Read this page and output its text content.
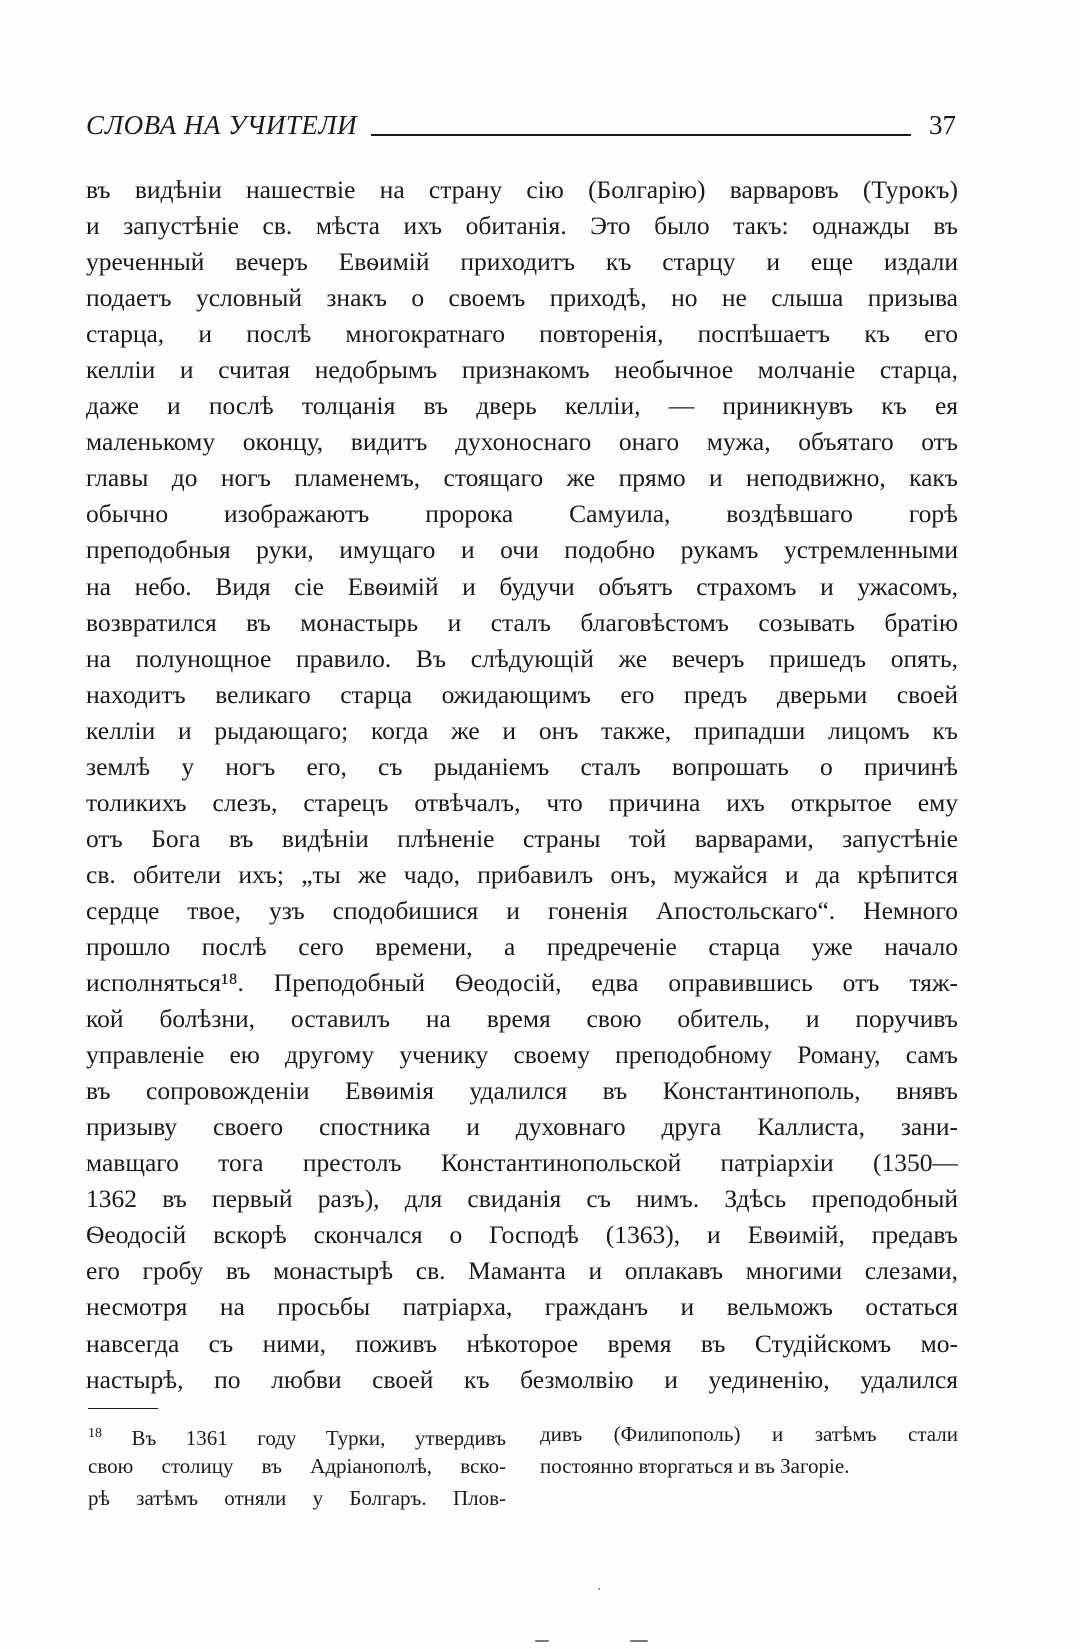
СЛОВА НА УЧИТЕЛИ	37
въ видѣнiи нашествiе на страну сiю (Болгарiю) варваровъ (Турокъ)
и запустѣнiе св. мѣста ихъ обитанiя. Это было такъ: однажды въ
уреченный вечеръ Евѳимiй приходитъ къ старцу и еще издали
подаетъ условный знакъ о своемъ приходѣ, но не слыша призыва
старца, и послѣ многократнаго повторенiя, поспѣшаетъ къ его
келлiи и считая недобрымъ признакомъ необычное молчанiе старца,
даже и послѣ толцанiя въ дверь келлiи, — приникнувъ къ ея
маленькому оконцу, видитъ духоноснаго онаго мужа, объятаго отъ
главы до ногъ пламенемъ, стоящаго же прямо и неподвижно, какъ
обычно изображаютъ пророка Самуила, воздѣвшаго горѣ
преподобныя руки, имущаго и очи подобно рукамъ устремленными
на небо. Видя сiе Евѳимiй и будучи объятъ страхомъ и ужасомъ,
возвратился въ монастырь и сталъ благовѣстомъ созывать братiю
на полунощное правило. Въ слѣдующiй же вечеръ пришедъ опять,
находитъ великаго старца ожидающимъ его предъ дверьми своей
келлiи и рыдающаго; когда же и онъ также, припадши лицомъ къ
землѣ у ногъ его, съ рыданiемъ сталъ вопрошать о причинѣ
толикихъ слезъ, старецъ отвѣчалъ, что причина ихъ открытое ему
отъ Бога въ видѣнiи плѣненiе страны той варварами, запустѣнiе
св. обители ихъ; „ты же чадо, прибавилъ онъ, мужайся и да крѣпится
сердце твое, узъ сподобишися и гоненiя Апостольскаго“. Немного
прошло послѣ сего времени, а предреченiе старца уже начало
исполняться¹⁸. Преподобный Ѳеодосiй, едва оправившись отъ тяж-
кой болѣзни, оставилъ на время свою обитель, и поручивъ
управленiе ею другому ученику своему преподобному Роману, самъ
въ сопровожденiи Евѳимiя удалился въ Константинополь, внявъ
призыву своего спостника и духовнаго друга Каллиста, зани-
мавщаго тога престолъ Константинопольской патрiархiи (1350—
1362 въ первый разъ), для свиданiя съ нимъ. Здѣсь преподобный
Ѳеодосiй вскорѣ скончался о Господѣ (1363), и Евѳимiй, предавъ
его гробу въ монастырѣ св. Маманта и оплакавъ многими слезами,
несмотря на просьбы патрiарха, гражданъ и вельможъ остаться
навсегда съ ними, поживъ нѣкоторое время въ Студiйскомъ мо-
настырѣ, по любви своей къ безмолвiю и уединенiю, удалился
$^{18}$ Въ 1361 году Турки, утвердивъ
свою столицу въ Адрiанополѣ, вско-
рѣ затѣмъ отняли у Болгаръ. Плов-
дивъ (Филипополь) и затѣмъ стали
постоянно вторгаться и въ Загорiе.
